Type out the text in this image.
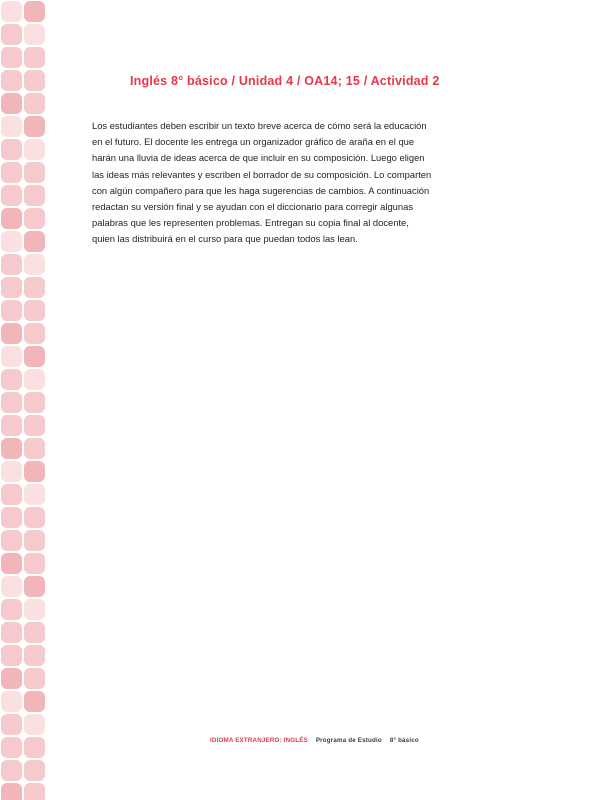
Inglés 8° básico / Unidad 4 / OA14; 15 / Actividad 2
Los estudiantes deben escribir un texto breve acerca de cómo será la educación en el futuro. El docente les entrega un organizador gráfico de araña en el que harán una lluvia de ideas acerca de que incluir en su composición. Luego eligen las ideas más relevantes y escriben el borrador de su composición. Lo comparten con algún compañero para que les haga sugerencias de cambios. A continuación redactan su versión final y se ayudan con el diccionario para corregir algunas palabras que les representen problemas. Entregan su copia final al docente, quien las distribuirá en el curso para que puedan todos las lean.
IDIOMA EXTRANJERO: INGLÉS Programa de Estudio 8° básico
